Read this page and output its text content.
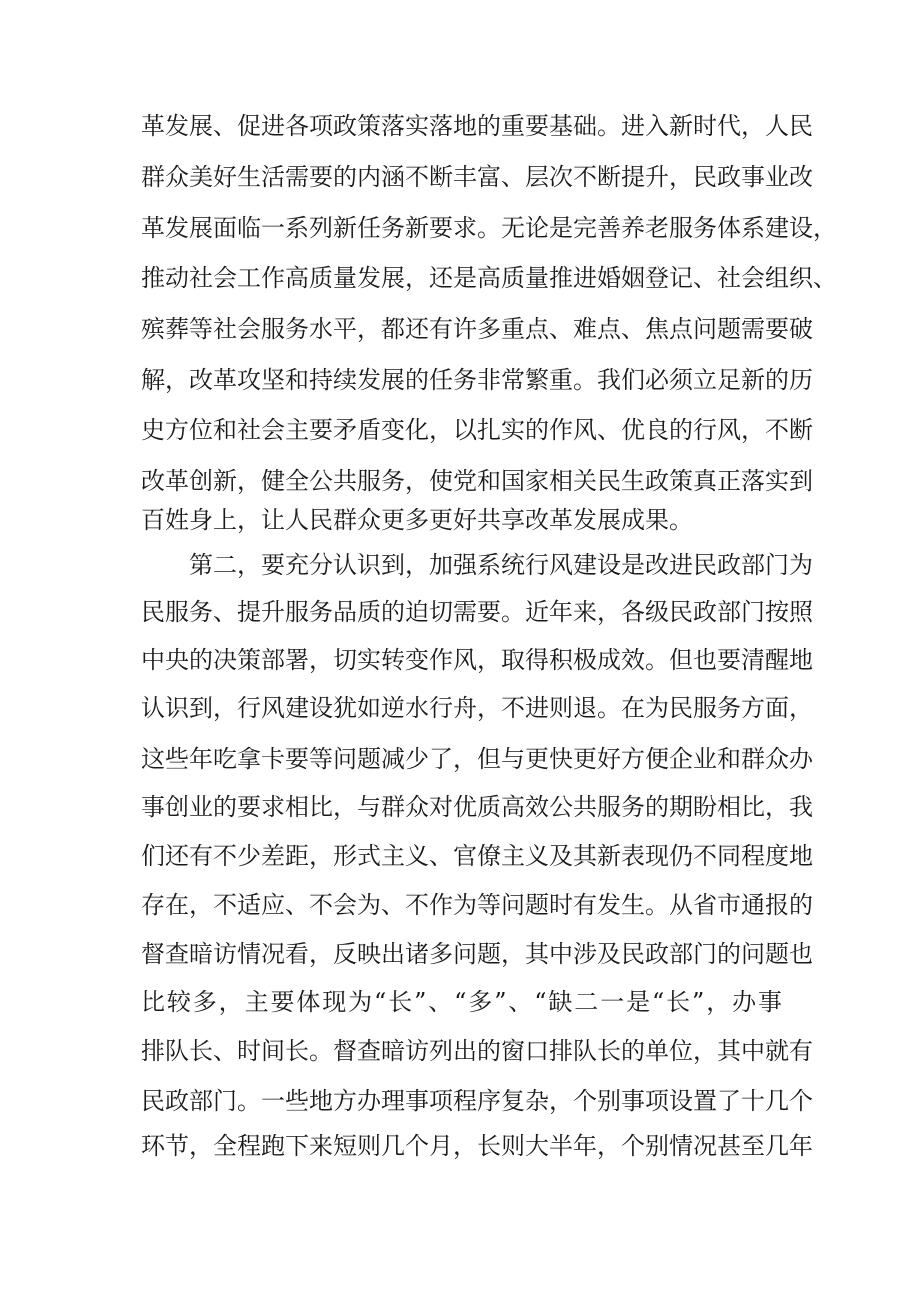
革发展、促进各项政策落实落地的重要基础。进入新时代，人民

群众美好生活需要的内涵不断丰富、层次不断提升，民政事业改

革发展面临一系列新任务新要求。无论是完善养老服务体系建设，

推动社会工作高质量发展，还是高质量推进婚姻登记、社会组织、

殡葬等社会服务水平，都还有许多重点、难点、焦点问题需要破

解，改革攻坚和持续发展的任务非常繁重。我们必须立足新的历

史方位和社会主要矛盾变化，以扎实的作风、优良的行风，不断

改革创新，健全公共服务，使党和国家相关民生政策真正落实到

百姓身上，让人民群众更多更好共享改革发展成果。

第二，要充分认识到，加强系统行风建设是改进民政部门为

民服务、提升服务品质的迫切需要。近年来，各级民政部门按照

中央的决策部署，切实转变作风，取得积极成效。但也要清醒地

认识到，行风建设犹如逆水行舟，不进则退。在为民服务方面，

这些年吃拿卡要等问题减少了，但与更快更好方便企业和群众办

事创业的要求相比，与群众对优质高效公共服务的期盼相比，我

们还有不少差距，形式主义、官僚主义及其新表现仍不同程度地

存在，不适应、不会为、不作为等问题时有发生。从省市通报的

督查暗访情况看，反映出诸多问题，其中涉及民政部门的问题也

比较多，主要体现为“长”、“多”、“缺二一是“长”，办事

排队长、时间长。督查暗访列出的窗口排队长的单位，其中就有

民政部门。一些地方办理事项程序复杂，个别事项设置了十几个

环节，全程跑下来短则几个月，长则大半年，个别情况甚至几年
